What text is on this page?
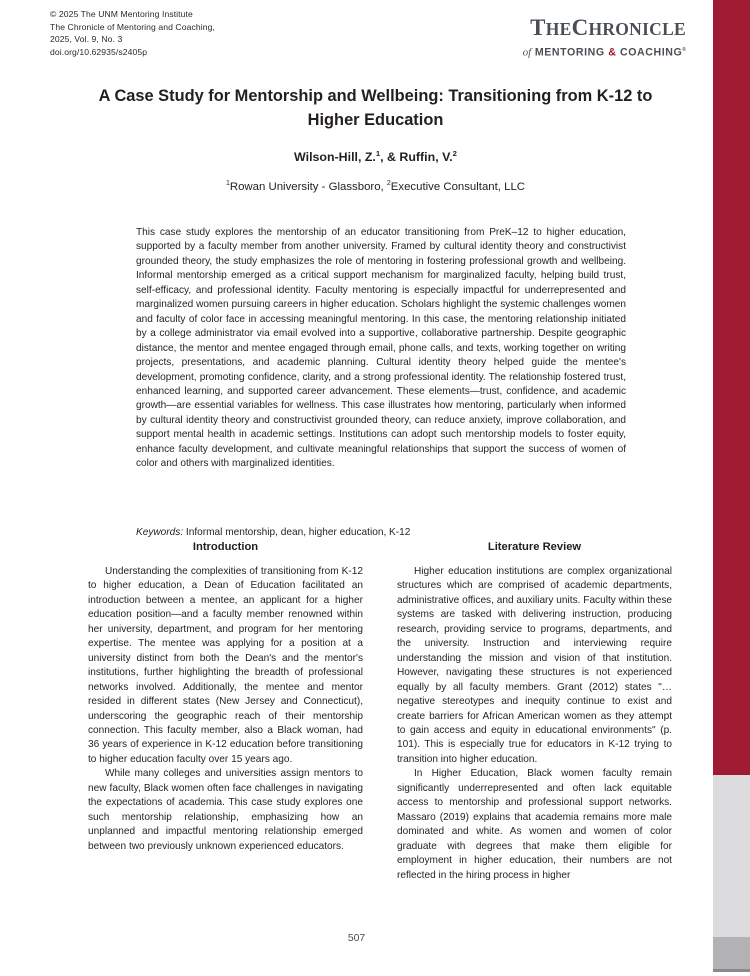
© 2025 The UNM Mentoring Institute
The Chronicle of Mentoring and Coaching,
2025, Vol. 9, No. 3
doi.org/10.62935/s2405p
THECHRONICLE
of MENTORING & COACHING®
A Case Study for Mentorship and Wellbeing: Transitioning from K-12 to Higher Education
Wilson-Hill, Z.$^1$, & Ruffin, V.$^2$
$^1$Rowan University - Glassboro, $^2$Executive Consultant, LLC
This case study explores the mentorship of an educator transitioning from PreK–12 to higher education, supported by a faculty member from another university. Framed by cultural identity theory and constructivist grounded theory, the study emphasizes the role of mentoring in fostering professional growth and wellbeing. Informal mentorship emerged as a critical support mechanism for marginalized faculty, helping build trust, self-efficacy, and professional identity. Faculty mentoring is especially impactful for underrepresented and marginalized women pursuing careers in higher education. Scholars highlight the systemic challenges women and faculty of color face in accessing meaningful mentoring. In this case, the mentoring relationship initiated by a college administrator via email evolved into a supportive, collaborative partnership. Despite geographic distance, the mentor and mentee engaged through email, phone calls, and texts, working together on writing projects, presentations, and academic planning. Cultural identity theory helped guide the mentee's development, promoting confidence, clarity, and a strong professional identity. The relationship fostered trust, enhanced learning, and supported career advancement. These elements—trust, confidence, and academic growth—are essential variables for wellness. This case illustrates how mentoring, particularly when informed by cultural identity theory and constructivist grounded theory, can reduce anxiety, improve collaboration, and support mental health in academic settings. Institutions can adopt such mentorship models to foster equity, enhance faculty development, and cultivate meaningful relationships that support the success of women of color and others with marginalized identities.
Keywords: Informal mentorship, dean, higher education, K-12
Introduction

Understanding the complexities of transitioning from K-12 to higher education, a Dean of Education facilitated an introduction between a mentee, an applicant for a higher education position—and a faculty member renowned within her university, department, and program for her mentoring expertise. The mentee was applying for a position at a university distinct from both the Dean's and the mentor's institutions, further highlighting the breadth of professional networks involved. Additionally, the mentee and mentor resided in different states (New Jersey and Connecticut), underscoring the geographic reach of their mentorship connection. This faculty member, also a Black woman, had 36 years of experience in K-12 education before transitioning to higher education faculty over 15 years ago.

While many colleges and universities assign mentors to new faculty, Black women often face challenges in navigating the expectations of academia. This case study explores one such mentorship relationship, emphasizing how an unplanned and impactful mentoring relationship emerged between two previously unknown experienced educators.

Literature Review

Higher education institutions are complex organizational structures which are comprised of academic departments, administrative offices, and auxiliary units. Faculty within these systems are tasked with delivering instruction, producing research, providing service to programs, departments, and the university. Instruction and interviewing require understanding the mission and vision of that institution. However, navigating these structures is not experienced equally by all faculty members. Grant (2012) states "… negative stereotypes and inequity continue to exist and create barriers for African American women as they attempt to gain access and equity in educational environments" (p. 101). This is especially true for educators in K-12 trying to transition into higher education.

In Higher Education, Black women faculty remain significantly underrepresented and often lack equitable access to mentorship and professional support networks. Massaro (2019) explains that academia remains more male dominated and white. As women and women of color graduate with degrees that make them eligible for employment in higher education, their numbers are not reflected in the hiring process in higher

507
